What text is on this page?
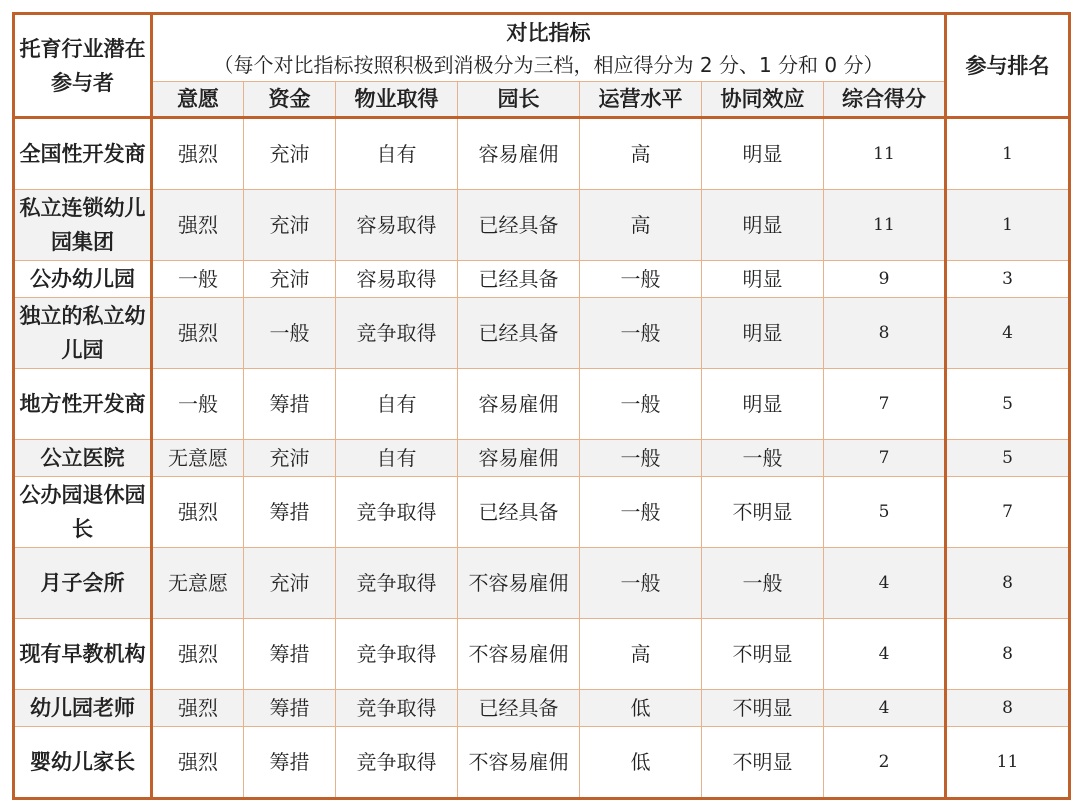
托育行业潜在参与者	对比指标
（每个对比指标按照积极到消极分为三档，相应得分为 2 分、1 分和 0 分）							参与排名
	意愿	资金	物业取得	园长	运营水平	协同效应	综合得分	
全国性开发商	强烈	充沛	自有	容易雇佣	高	明显	11	1
私立连锁幼儿园集团	强烈	充沛	容易取得	已经具备	高	明显	11	1
公办幼儿园	一般	充沛	容易取得	已经具备	一般	明显	9	3
独立的私立幼儿园	强烈	一般	竞争取得	已经具备	一般	明显	8	4
地方性开发商	一般	筹措	自有	容易雇佣	一般	明显	7	5
公立医院	无意愿	充沛	自有	容易雇佣	一般	一般	7	5
公办园退休园长	强烈	筹措	竞争取得	已经具备	一般	不明显	5	7
月子会所	无意愿	充沛	竞争取得	不容易雇佣	一般	一般	4	8
现有早教机构	强烈	筹措	竞争取得	不容易雇佣	高	不明显	4	8
幼儿园老师	强烈	筹措	竞争取得	已经具备	低	不明显	4	8
婴幼儿家长	强烈	筹措	竞争取得	不容易雇佣	低	不明显	2	11
